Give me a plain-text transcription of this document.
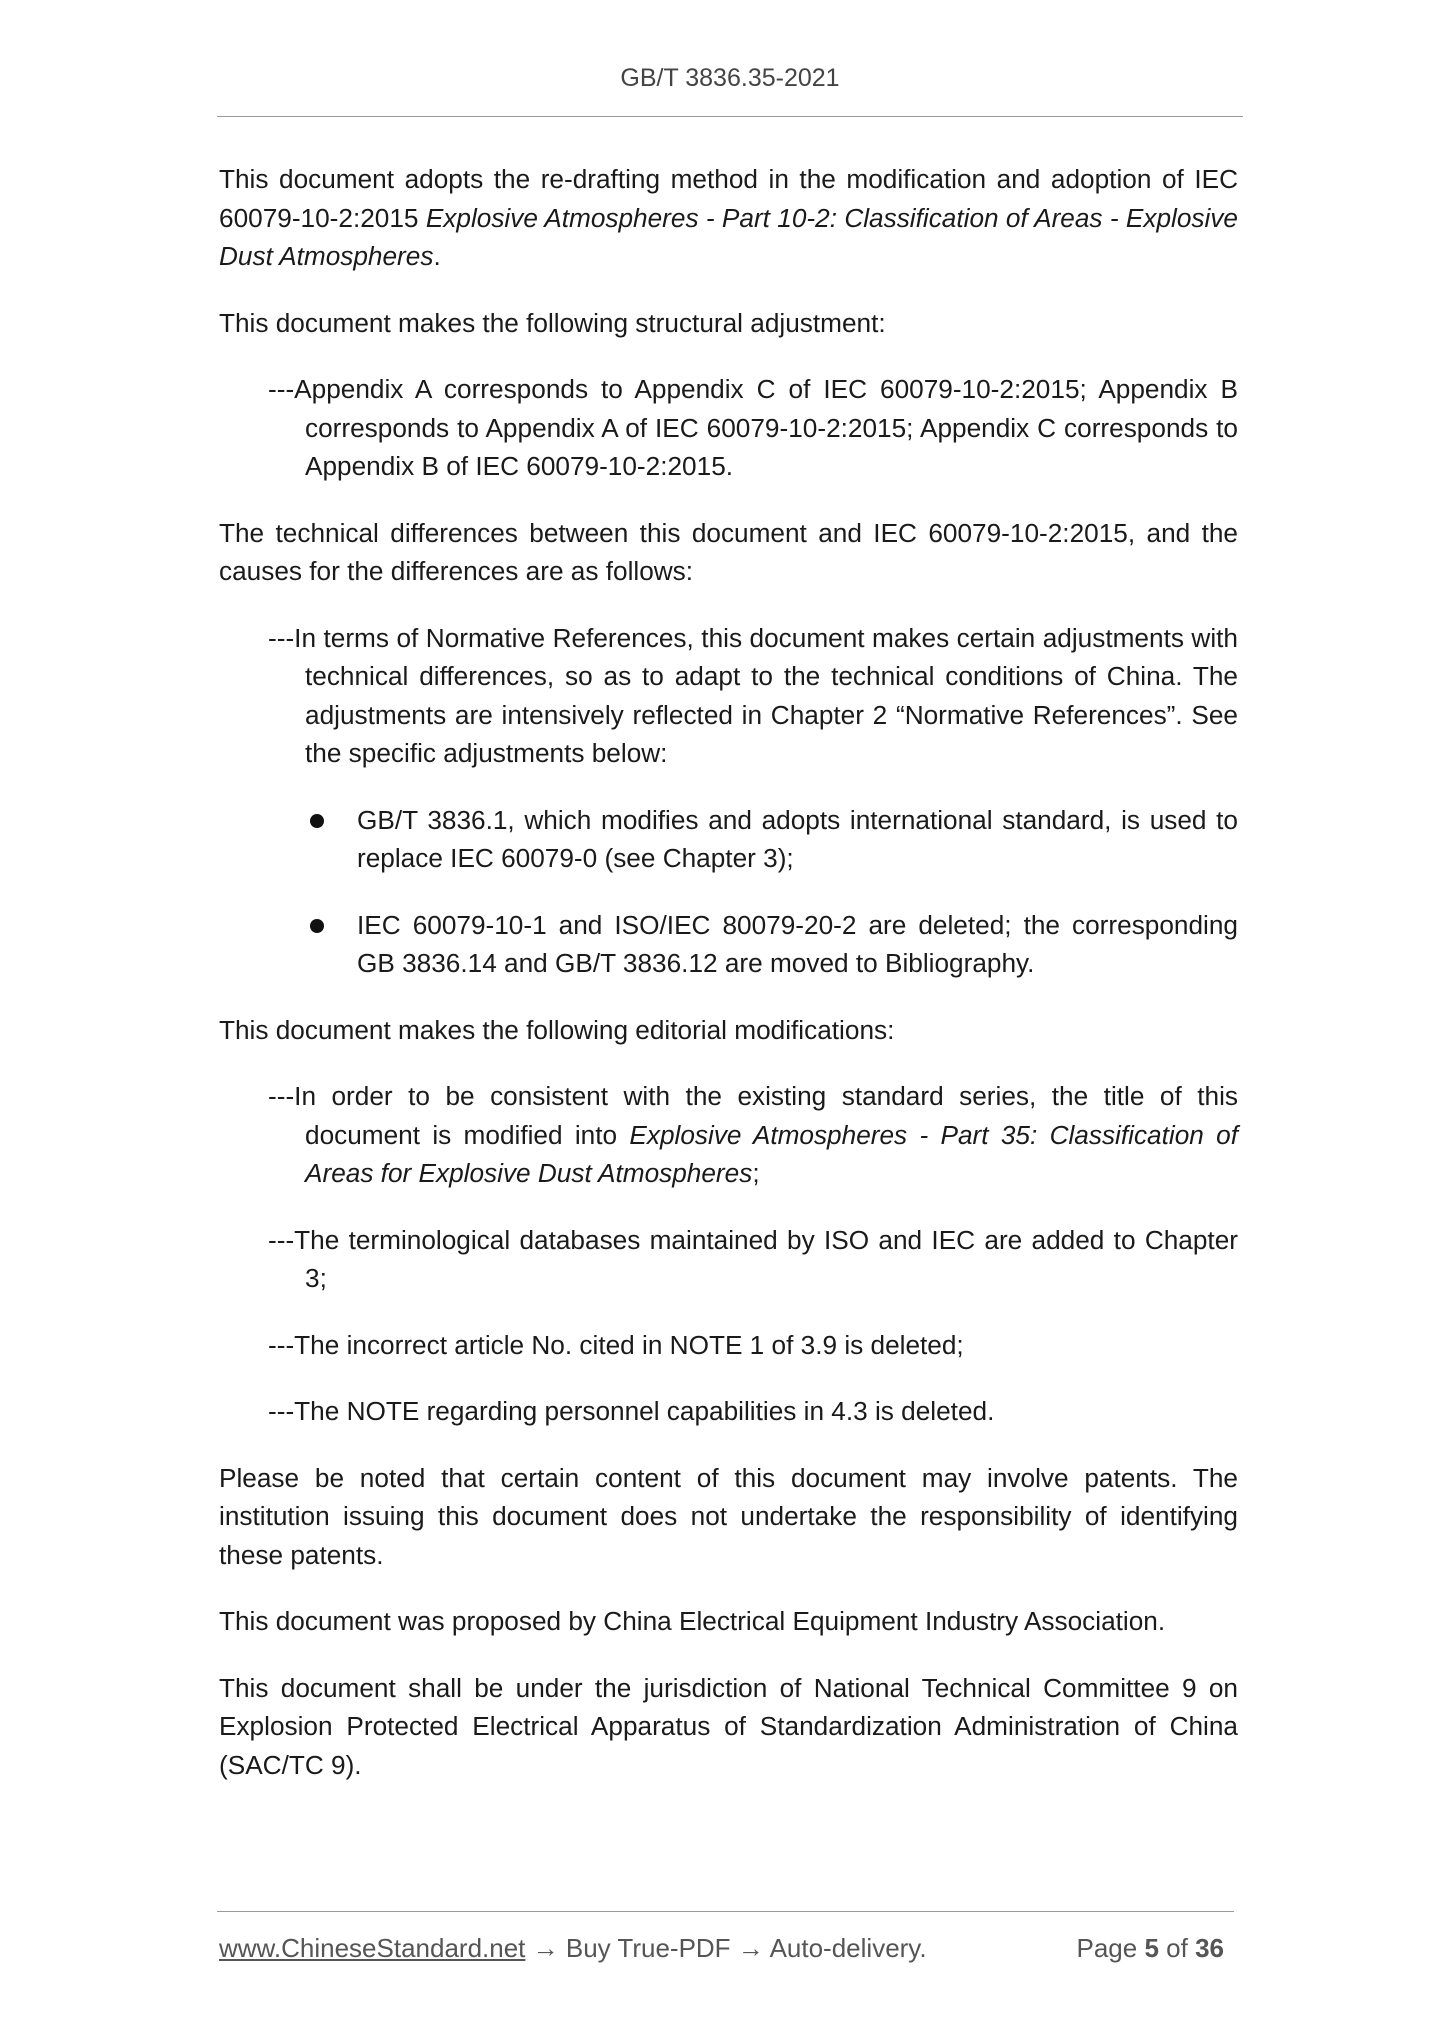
GB/T 3836.35-2021

This document adopts the re-drafting method in the modification and adoption of IEC 60079-10-2:2015 Explosive Atmospheres - Part 10-2: Classification of Areas - Explosive Dust Atmospheres.

This document makes the following structural adjustment:

---Appendix A corresponds to Appendix C of IEC 60079-10-2:2015; Appendix B corresponds to Appendix A of IEC 60079-10-2:2015; Appendix C corresponds to Appendix B of IEC 60079-10-2:2015.

The technical differences between this document and IEC 60079-10-2:2015, and the causes for the differences are as follows:

---In terms of Normative References, this document makes certain adjustments with technical differences, so as to adapt to the technical conditions of China. The adjustments are intensively reflected in Chapter 2 “Normative References”. See the specific adjustments below:

GB/T 3836.1, which modifies and adopts international standard, is used to replace IEC 60079-0 (see Chapter 3);
IEC 60079-10-1 and ISO/IEC 80079-20-2 are deleted; the corresponding GB 3836.14 and GB/T 3836.12 are moved to Bibliography.

This document makes the following editorial modifications:

---In order to be consistent with the existing standard series, the title of this document is modified into Explosive Atmospheres - Part 35: Classification of Areas for Explosive Dust Atmospheres;

---The terminological databases maintained by ISO and IEC are added to Chapter 3;

---The incorrect article No. cited in NOTE 1 of 3.9 is deleted;

---The NOTE regarding personnel capabilities in 4.3 is deleted.

Please be noted that certain content of this document may involve patents. The institution issuing this document does not undertake the responsibility of identifying these patents.

This document was proposed by China Electrical Equipment Industry Association.

This document shall be under the jurisdiction of National Technical Committee 9 on Explosion Protected Electrical Apparatus of Standardization Administration of China (SAC/TC 9).

www.ChineseStandard.net → Buy True-PDF → Auto-delivery.	Page 5 of 36
